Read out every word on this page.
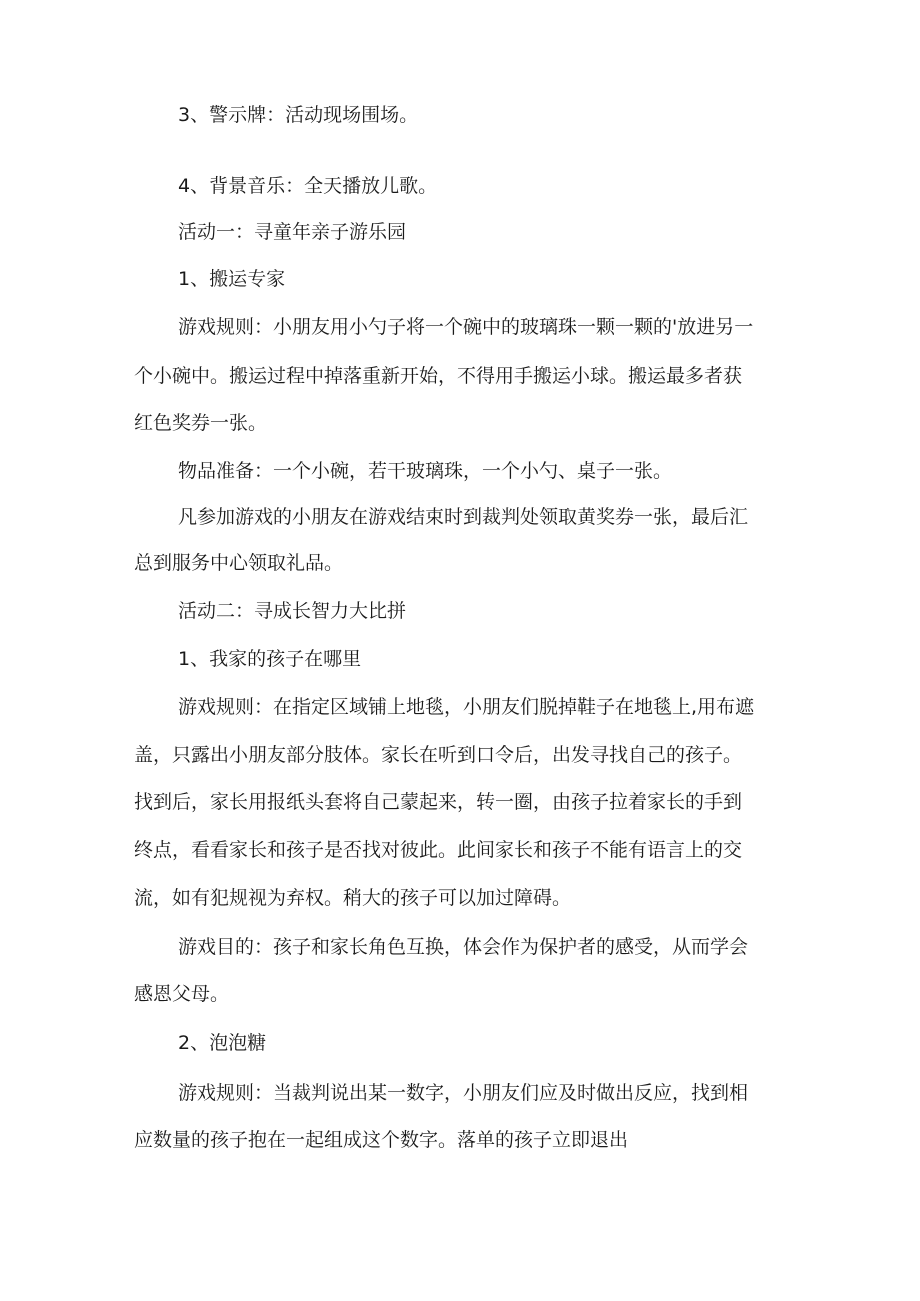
3、警示牌：活动现场围场。
4、背景音乐：全天播放儿歌。
活动一：寻童年亲子游乐园
1、搬运专家
游戏规则：小朋友用小勺子将一个碗中的玻璃珠一颗一颗的'放进另一
个小碗中。搬运过程中掉落重新开始，不得用手搬运小球。搬运最多者获
红色奖券一张。
物品准备：一个小碗，若干玻璃珠，一个小勺、桌子一张。
凡参加游戏的小朋友在游戏结束时到裁判处领取黄奖券一张，最后汇
总到服务中心领取礼品。
活动二：寻成长智力大比拼
1、我家的孩子在哪里
游戏规则：在指定区域铺上地毯，小朋友们脱掉鞋子在地毯上,用布遮
盖，只露出小朋友部分肢体。家长在听到口令后，出发寻找自己的孩子。
找到后，家长用报纸头套将自己蒙起来，转一圈，由孩子拉着家长的手到
终点，看看家长和孩子是否找对彼此。此间家长和孩子不能有语言上的交
流，如有犯规视为弃权。稍大的孩子可以加过障碍。
游戏目的：孩子和家长角色互换，体会作为保护者的感受，从而学会
感恩父母。
2、泡泡糖
游戏规则：当裁判说出某一数字，小朋友们应及时做出反应，找到相
应数量的孩子抱在一起组成这个数字。落单的孩子立即退出
